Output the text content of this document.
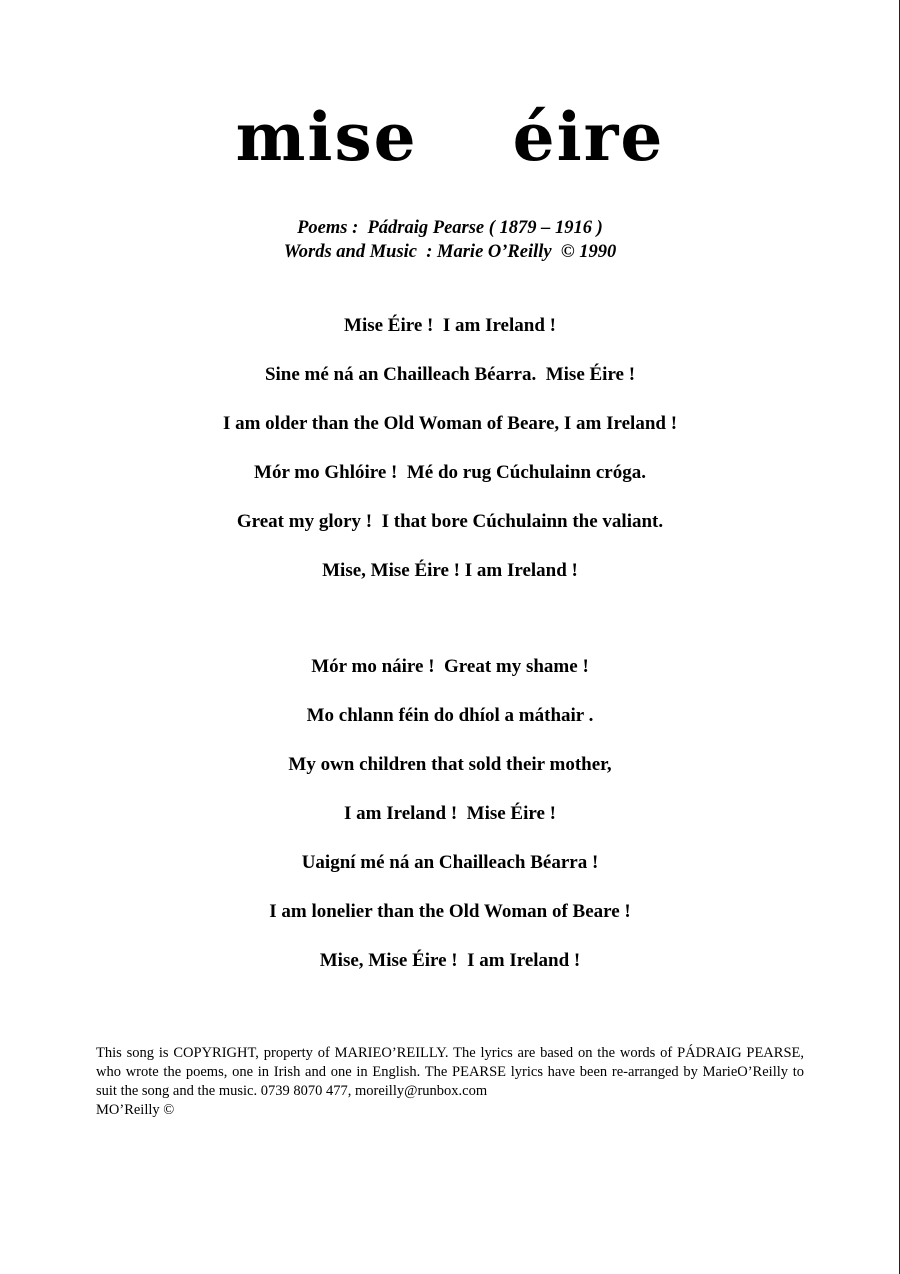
mise éire
Poems :  Pádraig Pearse ( 1879 – 1916 )
Words and Music  : Marie O’Reilly  © 1990
Mise Éire !  I am Ireland !
Sine mé ná an Chailleach Béarra.  Mise Éire !
I am older than the Old Woman of Beare, I am Ireland !
Mór mo Ghlóire !  Mé do rug Cúchulainn cróga.
Great my glory !  I that bore Cúchulainn the valiant.
Mise, Mise Éire ! I am Ireland !
Mór mo náire !  Great my shame !
Mo chlann féin do dhíol a máthair .
My own children that sold their mother,
I am Ireland !  Mise Éire !
Uaigní mé ná an Chailleach Béarra !
I am lonelier than the Old Woman of Beare !
Mise, Mise Éire !  I am Ireland !
This song is COPYRIGHT, property of MARIEO’REILLY. The lyrics are based on the words of PÁDRAIG PEARSE, who wrote the poems, one in Irish and one in English. The PEARSE lyrics have been re-arranged by MarieO’Reilly to suit the song and the music. 0739 8070 477, moreilly@runbox.com
MO’Reilly ©
